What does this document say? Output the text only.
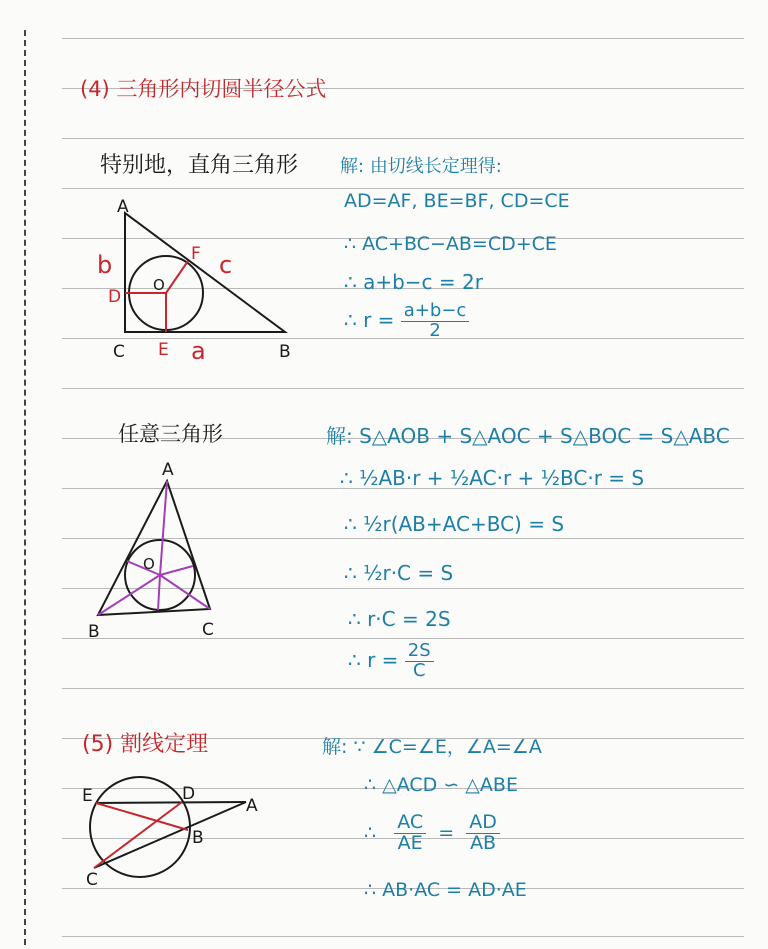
(4) 三角形内切圆半径公式
特别地，直角三角形
A
C	B
D
E
F
O
b
a
c
解: 由切线长定理得:
AD=AF, BE=BF, CD=CE
∴ AC+BC−AB=CD+CE
∴ a+b−c = 2r
∴ $r = \frac{a+b-c}{2}$
任意三角形
A
B	C
O
解: S△AOB + S△AOC + S△BOC = S△ABC
∴ ½AB·r + ½AC·r + ½BC·r = S
∴ ½r(AB+AC+BC) = S
∴ ½r·C = S
∴ r·C = 2S
∴ $r = \frac{2S}{C}$
(5) 割线定理
E	D
A
B
C
解: ∵ ∠C=∠E，∠A=∠A
∴ △ACD ∽ △ABE
∴ $\frac{AC}{AE} = \frac{AD}{AB}$
∴ AB·AC = AD·AE
